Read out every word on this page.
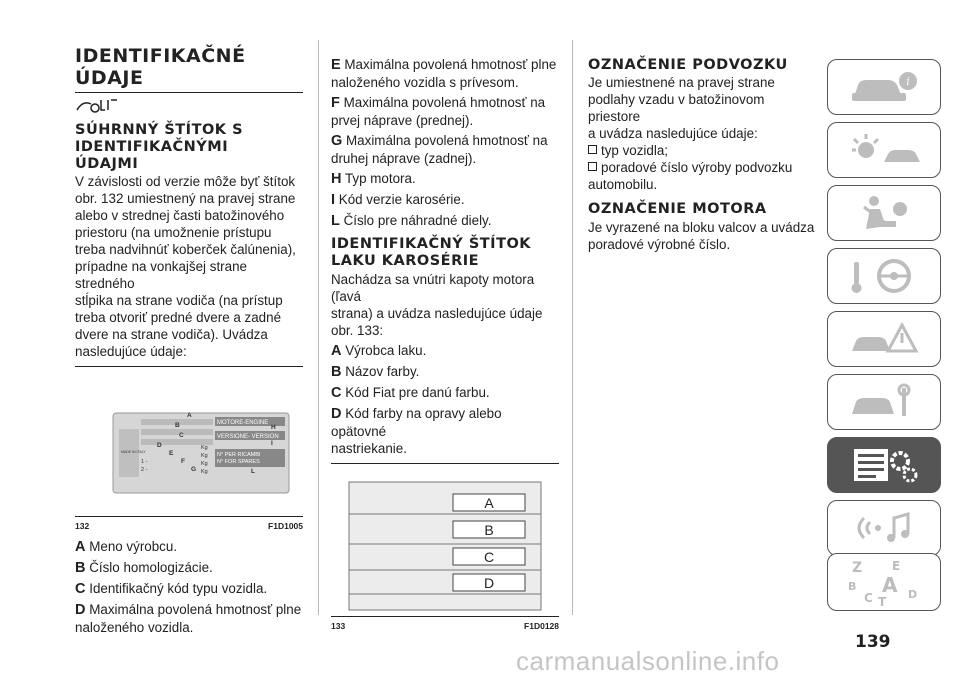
IDENTIFIKAČNÉ
ÚDAJE
SÚHRNNÝ ŠTÍTOK S
IDENTIFIKAČNÝMI
ÚDAJMI
V závislosti od verzie môže byť štítok
obr. 132 umiestnený na pravej strane
alebo v strednej časti batožinového
priestoru (na umožnenie prístupu
treba nadvihnúť koberček čalúnenia),
prípadne na vonkajšej strane stredného
stĺpika na strane vodiča (na prístup
treba otvoriť predné dvere a zadné
dvere na strane vodiča). Uvádza
nasledujúce údaje:
MADE IN ITALY
MOTORE-ENGINE
VERSIONE- VERSION
N° PER RICAMBI
N° FOR SPARES
A
B
C
D
E
F
G
H
I
L
Kg
Kg
Kg
Kg
1 -
2 -
132	F1D1005
A Meno výrobcu.
B Číslo homologizácie.
C Identifikačný kód typu vozidla.
D Maximálna povolená hmotnosť plne
naloženého vozidla.
E Maximálna povolená hmotnosť plne
naloženého vozidla s prívesom.
F Maximálna povolená hmotnosť na
prvej nápravе (prednej).
G Maximálna povolená hmotnosť na
druhej nápravе (zadnej).
H Typ motora.
I Kód verzie karosérie.
L Číslo pre náhradné diely.
IDENTIFIKAČNÝ ŠTÍTOK
LAKU KAROSÉRIE
Nachádza sa vnútri kapoty motora (ľavá
strana) a uvádza nasledujúce údaje
obr. 133:
A Výrobca laku.
B Názov farby.
C Kód Fiat pre danú farbu.
D Kód farby na opravy alebo opätovné
nastriekanie.
A
B
C
D
133	F1D0128
OZNAČENIE PODVOZKU
Je umiestnené na pravej strane
podlahy vzadu v batožinovom priestore
a uvádza nasledujúce údaje:
typ vozidla;
poradové číslo výroby podvozku
automobilu.
OZNAČENIE MOTORA
Je vyrazené na bloku valcov a uvádza
poradové výrobné číslo.
i
Z E
B A
C T
D
139
carmanualsonline.info
